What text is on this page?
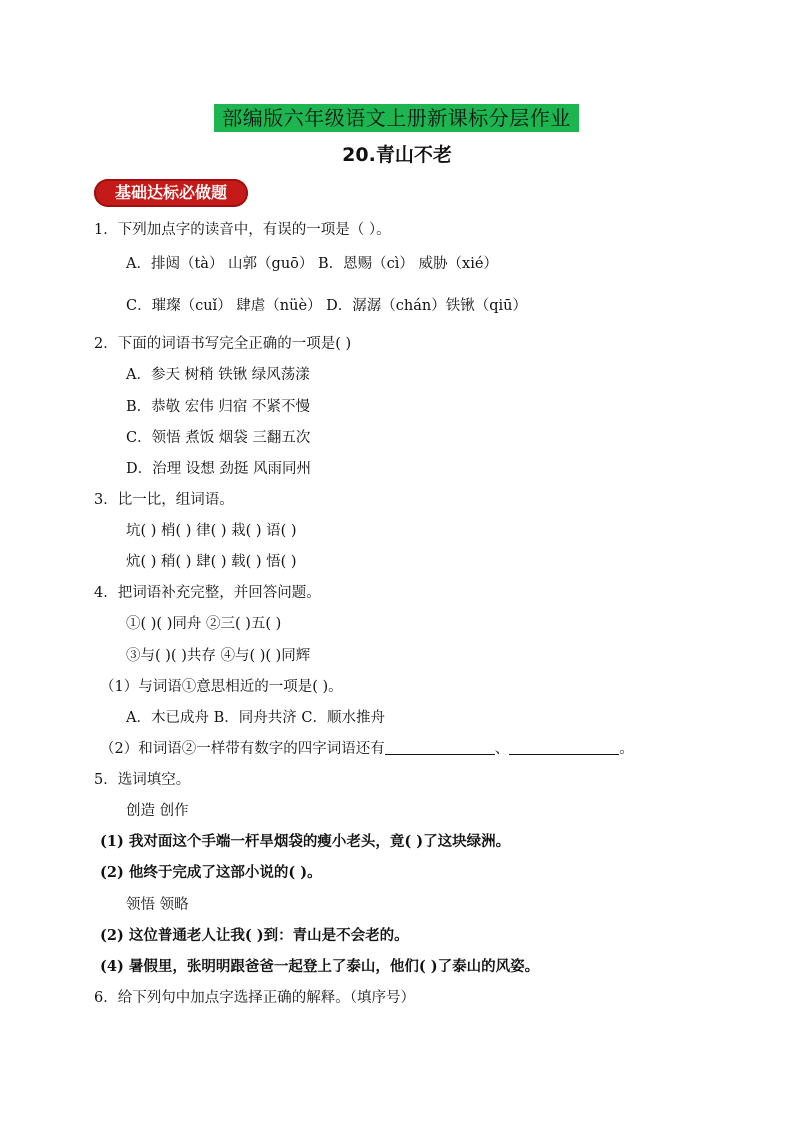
部编版六年级语文上册新课标分层作业
20.青山不老
基础达标必做题
1．下列加点字的读音中，有误的一项是（ ）。
A．排闼（tà） 山郭（guō） B．恩赐（cì） 威胁（xié）
C．璀璨（cuǐ） 肆虐（nüè） D．潺潺（chán）铁锹（qiū）
2．下面的词语书写完全正确的一项是( )
A．参天 树稍 铁锹 绿风荡漾
B．恭敬 宏伟 归宿 不紧不慢
C．领悟 煮饭 烟袋 三翻五次
D．治理 设想 劲挺 风雨同州
3．比一比，组词语。
坑( ) 梢( ) 律( ) 栽( ) 语( )
炕( ) 稍( ) 肆( ) 载( ) 悟( )
4．把词语补充完整，并回答问题。
①( )( )同舟 ②三( )五( )
③与( )( )共存 ④与( )( )同辉
（1）与词语①意思相近的一项是( )。
A．木已成舟 B．同舟共济 C．顺水推舟
（2）和词语②一样带有数字的四字词语还有	、	。
5．选词填空。
创造 创作
(1) 我对面这个手端一杆旱烟袋的瘦小老头，竟( )了这块绿洲。
(2) 他终于完成了这部小说的( )。
领悟 领略
(2) 这位普通老人让我( )到：青山是不会老的。
(4) 暑假里，张明明跟爸爸一起登上了泰山，他们( )了泰山的风姿。
6．给下列句中加点字选择正确的解释。（填序号）
